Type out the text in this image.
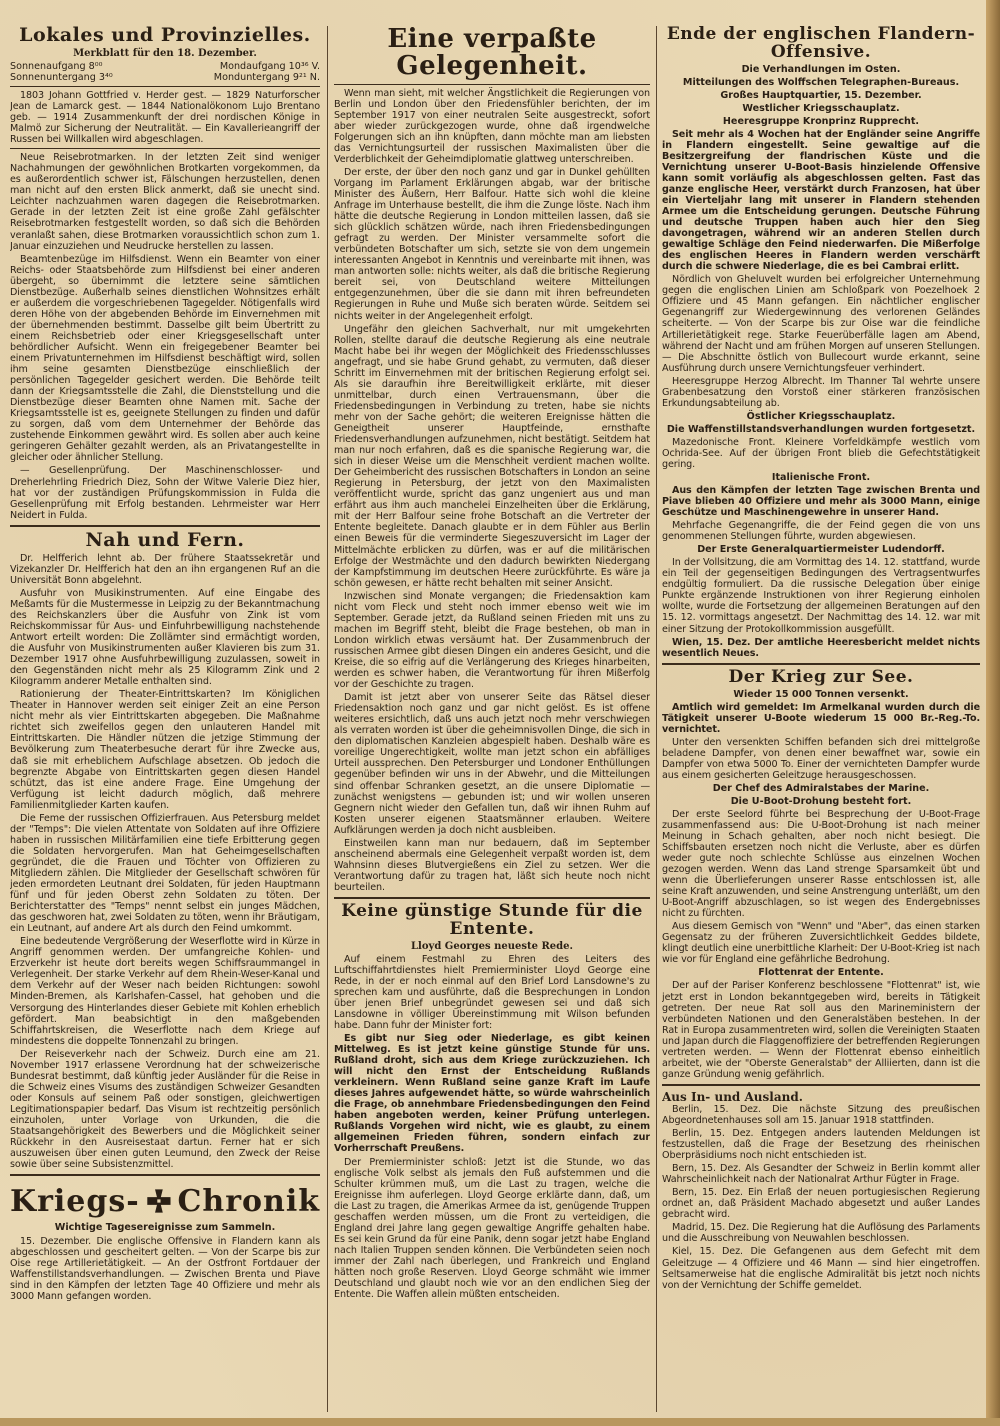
Lokales und Provinzielles.
Merkblatt für den 18. Dezember.
Sonnenaufgang 8⁰⁰	Mondaufgang 10³⁶ V.
Sonnenuntergang 3⁴⁰	Monduntergang 9²¹ N.

1803 Johann Gottfried v. Herder gest. — 1829 Naturforscher Jean de Lamarck gest. — 1844 Nationalökonom Lujo Brentano geb. — 1914 Zusammenkunft der drei nordischen Könige in Malmö zur Sicherung der Neutralität. — Ein Kavallerieangriff der Russen bei Willkallen wird abgeschlagen.

Neue Reisebrotmarken. In der letzten Zeit sind weniger Nachahmungen der gewöhnlichen Brotkarten vorgekommen, da es außerordentlich schwer ist, Fälschungen herzustellen, denen man nicht auf den ersten Blick anmerkt, daß sie unecht sind. Leichter nachzuahmen waren dagegen die Reisebrotmarken. Gerade in der letzten Zeit ist eine große Zahl gefälschter Reisebrotmarken festgestellt worden, so daß sich die Behörden veranlaßt sahen, diese Brotmarken voraussichtlich schon zum 1. Januar einzuziehen und Neudrucke herstellen zu lassen.

Beamtenbezüge im Hilfsdienst. Wenn ein Beamter von einer Reichs- oder Staatsbehörde zum Hilfsdienst bei einer anderen übergeht, so übernimmt die letztere seine sämtlichen Dienstbezüge. Außerhalb seines dienstlichen Wohnsitzes erhält er außerdem die vorgeschriebenen Tagegelder. Nötigenfalls wird deren Höhe von der abgebenden Behörde im Einvernehmen mit der übernehmenden bestimmt. Dasselbe gilt beim Übertritt zu einem Reichsbetrieb oder einer Kriegsgesellschaft unter behördlicher Aufsicht. Wenn ein freigegebener Beamter bei einem Privatunternehmen im Hilfsdienst beschäftigt wird, sollen ihm seine gesamten Dienstbezüge einschließlich der persönlichen Tagegelder gesichert werden. Die Behörde teilt dann der Kriegsamtsstelle die Zahl, die Dienststellung und die Dienstbezüge dieser Beamten ohne Namen mit. Sache der Kriegsamtsstelle ist es, geeignete Stellungen zu finden und dafür zu sorgen, daß vom dem Unternehmer der Behörde das zustehende Einkommen gewährt wird. Es sollen aber auch keine geringeren Gehälter gezahlt werden, als an Privatangestellte in gleicher oder ähnlicher Stellung.

— Gesellenprüfung. Der Maschinenschlosser- und Dreherlehrling Friedrich Diez, Sohn der Witwe Valerie Diez hier, hat vor der zuständigen Prüfungskommission in Fulda die Gesellenprüfung mit Erfolg bestanden. Lehrmeister war Herr Neidert in Fulda.

Nah und Fern.

Dr. Helfferich lehnt ab. Der frühere Staatssekretär und Vizekanzler Dr. Helfferich hat den an ihn ergangenen Ruf an die Universität Bonn abgelehnt.

Ausfuhr von Musikinstrumenten. Auf eine Eingabe des Meßamts für die Mustermesse in Leipzig zu der Bekanntmachung des Reichskanzlers über die Ausfuhr von Zink ist vom Reichskommissar für Aus- und Einfuhrbewilligung nachstehende Antwort erteilt worden: Die Zollämter sind ermächtigt worden, die Ausfuhr von Musikinstrumenten außer Klavieren bis zum 31. Dezember 1917 ohne Ausfuhrbewilligung zuzulassen, soweit in den Gegenständen nicht mehr als 25 Kilogramm Zink und 2 Kilogramm anderer Metalle enthalten sind.

Rationierung der Theater-Eintrittskarten? Im Königlichen Theater in Hannover werden seit einiger Zeit an eine Person nicht mehr als vier Eintrittskarten abgegeben. Die Maßnahme richtet sich zweifellos gegen den unlauteren Handel mit Eintrittskarten. Die Händler nützen die jetzige Stimmung der Bevölkerung zum Theaterbesuche derart für ihre Zwecke aus, daß sie mit erheblichem Aufschlage absetzen. Ob jedoch die begrenzte Abgabe von Eintrittskarten gegen diesen Handel schützt, das ist eine andere Frage. Eine Umgehung der Verfügung ist leicht dadurch möglich, daß mehrere Familienmitglieder Karten kaufen.

Die Feme der russischen Offizierfrauen. Aus Petersburg meldet der "Temps": Die vielen Attentate von Soldaten auf ihre Offiziere haben in russischen Militärfamilien eine tiefe Erbitterung gegen die Soldaten hervorgerufen. Man hat Geheimgesellschaften gegründet, die die Frauen und Töchter von Offizieren zu Mitgliedern zählen. Die Mitglieder der Gesellschaft schwören für jeden ermordeten Leutnant drei Soldaten, für jeden Hauptmann fünf und für jeden Oberst zehn Soldaten zu töten. Der Berichterstatter des "Temps" nennt selbst ein junges Mädchen, das geschworen hat, zwei Soldaten zu töten, wenn ihr Bräutigam, ein Leutnant, auf andere Art als durch den Feind umkommt.

Eine bedeutende Vergrößerung der Weserflotte wird in Kürze in Angriff genommen werden. Der umfangreiche Kohlen- und Erzverkehr ist heute dort bereits wegen Schiffsraummangel in Verlegenheit. Der starke Verkehr auf dem Rhein-Weser-Kanal und dem Verkehr auf der Weser nach beiden Richtungen: sowohl Minden-Bremen, als Karlshafen-Cassel, hat gehoben und die Versorgung des Hinterlandes dieser Gebiete mit Kohlen erheblich gefördert. Man beabsichtigt in den maßgebenden Schiffahrtskreisen, die Weserflotte nach dem Kriege auf mindestens die doppelte Tonnenzahl zu bringen.

Der Reiseverkehr nach der Schweiz. Durch eine am 21. November 1917 erlassene Verordnung hat der schweizerische Bundesrat bestimmt, daß künftig jeder Ausländer für die Reise in die Schweiz eines Visums des zuständigen Schweizer Gesandten oder Konsuls auf seinem Paß oder sonstigen, gleichwertigen Legitimationspapier bedarf. Das Visum ist rechtzeitig persönlich einzuholen, unter Vorlage von Urkunden, die die Staatsangehörigkeit des Bewerbers und die Möglichkeit seiner Rückkehr in den Ausreisestaat dartun. Ferner hat er sich auszuweisen über einen guten Leumund, den Zweck der Reise sowie über seine Subsistenzmittel.

Kriegs- Chronik
Wichtige Tagesereignisse zum Sammeln.

15. Dezember. Die englische Offensive in Flandern kann als abgeschlossen und gescheitert gelten. — Von der Scarpe bis zur Oise rege Artillerietätigkeit. — An der Ostfront Fortdauer der Waffenstillstandsverhandlungen. — Zwischen Brenta und Piave sind in den Kämpfen der letzten Tage 40 Offiziere und mehr als 3000 Mann gefangen worden.

Eine verpaßte Gelegenheit.

Wenn man sieht, mit welcher Ängstlichkeit die Regierungen von Berlin und London über den Friedensfühler berichten, der im September 1917 von einer neutralen Seite ausgestreckt, sofort aber wieder zurückgezogen wurde, ohne daß irgendwelche Folgerungen sich an ihn knüpften, dann möchte man am liebsten das Vernichtungsurteil der russischen Maximalisten über die Verderblichkeit der Geheimdiplomatie glattweg unterschreiben.

Der erste, der über den noch ganz und gar in Dunkel gehüllten Vorgang im Parlament Erklärungen abgab, war der britische Minister des Äußern, Herr Balfour. Hatte sich wohl die kleine Anfrage im Unterhause bestellt, die ihm die Zunge löste. Nach ihm hätte die deutsche Regierung in London mitteilen lassen, daß sie sich glücklich schätzen würde, nach ihren Friedensbedingungen gefragt zu werden. Der Minister versammelte sofort die verbündeten Botschafter um sich, setzte sie von dem ungemein interessanten Angebot in Kenntnis und vereinbarte mit ihnen, was man antworten solle: nichts weiter, als daß die britische Regierung bereit sei, von Deutschland weitere Mitteilungen entgegenzunehmen, über die sie dann mit ihren befreundeten Regierungen in Ruhe und Muße sich beraten würde. Seitdem sei nichts weiter in der Angelegenheit erfolgt.

Ungefähr den gleichen Sachverhalt, nur mit umgekehrten Rollen, stellte darauf die deutsche Regierung als eine neutrale Macht habe bei ihr wegen der Möglichkeit des Friedensschlusses angefragt, und sie habe Grund gehabt, zu vermuten, daß dieser Schritt im Einvernehmen mit der britischen Regierung erfolgt sei. Als sie daraufhin ihre Bereitwilligkeit erklärte, mit dieser unmittelbar, durch einen Vertrauensmann, über die Friedensbedingungen in Verbindung zu treten, habe sie nichts mehr von der Sache gehört; die weiteren Ereignisse hätten die Geneigtheit unserer Hauptfeinde, ernsthafte Friedensverhandlungen aufzunehmen, nicht bestätigt. Seitdem hat man nur noch erfahren, daß es die spanische Regierung war, die sich in dieser Weise um die Menschheit verdient machen wollte. Der Geheimbericht des russischen Botschafters in London an seine Regierung in Petersburg, der jetzt von den Maximalisten veröffentlicht wurde, spricht das ganz ungeniert aus und man erfährt aus ihm auch manchelei Einzelheiten über die Erklärung, mit der Herr Balfour seine frohe Botschaft an die Vertreter der Entente begleitete. Danach glaubte er in dem Fühler aus Berlin einen Beweis für die verminderte Siegeszuversicht im Lager der Mittelmächte erblicken zu dürfen, was er auf die militärischen Erfolge der Westmächte und den dadurch bewirkten Niedergang der Kampfstimmung im deutschen Heere zurückführte. Es wäre ja schön gewesen, er hätte recht behalten mit seiner Ansicht.

Inzwischen sind Monate vergangen; die Friedensaktion kam nicht vom Fleck und steht noch immer ebenso weit wie im September. Gerade jetzt, da Rußland seinen Frieden mit uns zu machen im Begriff steht, bleibt die Frage bestehen, ob man in London wirklich etwas versäumt hat. Der Zusammenbruch der russischen Armee gibt diesen Dingen ein anderes Gesicht, und die Kreise, die so eifrig auf die Verlängerung des Krieges hinarbeiten, werden es schwer haben, die Verantwortung für ihren Mißerfolg vor der Geschichte zu tragen.

Damit ist jetzt aber von unserer Seite das Rätsel dieser Friedensaktion noch ganz und gar nicht gelöst. Es ist offene weiteres ersichtlich, daß uns auch jetzt noch mehr verschwiegen als verraten worden ist über die geheimnisvollen Dinge, die sich in den diplomatischen Kanzleien abgespielt haben. Deshalb wäre es voreilige Ungerechtigkeit, wollte man jetzt schon ein abfälliges Urteil aussprechen. Den Petersburger und Londoner Enthüllungen gegenüber befinden wir uns in der Abwehr, und die Mitteilungen sind offenbar Schranken gesetzt, an die unsere Diplomatie — zunächst wenigstens — gebunden ist; und wir wollen unseren Gegnern nicht wieder den Gefallen tun, daß wir ihnen Ruhm auf Kosten unserer eigenen Staatsmänner erlauben. Weitere Aufklärungen werden ja doch nicht ausbleiben.

Einstweilen kann man nur bedauern, daß im September anscheinend abermals eine Gelegenheit verpaßt worden ist, dem Wahnsinn dieses Blutvergießens ein Ziel zu setzen. Wer die Verantwortung dafür zu tragen hat, läßt sich heute noch nicht beurteilen.

Keine günstige Stunde für die Entente.
Lloyd Georges neueste Rede.

Auf einem Festmahl zu Ehren des Leiters des Luftschiffahrtdienstes hielt Premierminister Lloyd George eine Rede, in der er noch einmal auf den Brief Lord Lansdowne's zu sprechen kam und ausführte, daß die Besprechungen in London über jenen Brief unbegründet gewesen sei und daß sich Lansdowne in völliger Übereinstimmung mit Wilson befunden habe. Dann fuhr der Minister fort:

Es gibt nur Sieg oder Niederlage, es gibt keinen Mittelweg. Es ist jetzt keine günstige Stunde für uns. Rußland droht, sich aus dem Kriege zurückzuziehen. Ich will nicht den Ernst der Entscheidung Rußlands verkleinern. Wenn Rußland seine ganze Kraft im Laufe dieses Jahres aufgewendet hätte, so würde wahrscheinlich die Frage, ob annehmbare Friedensbedingungen den Feind haben angeboten werden, keiner Prüfung unterlegen. Rußlands Vorgehen wird nicht, wie es glaubt, zu einem allgemeinen Frieden führen, sondern einfach zur Vorherrschaft Preußens.

Der Premierminister schloß: Jetzt ist die Stunde, wo das englische Volk selbst als jemals den Fuß aufstemmen und die Schulter krümmen muß, um die Last zu tragen, welche die Ereignisse ihm auferlegen. Lloyd George erklärte dann, daß, um die Last zu tragen, die Amerikas Armee da ist, genügende Truppen geschaffen werden müssen, um die Front zu verteidigen, die England drei Jahre lang gegen gewaltige Angriffe gehalten habe. Es sei kein Grund da für eine Panik, denn sogar jetzt habe England nach Italien Truppen senden können. Die Verbündeten seien noch immer der Zahl nach überlegen, und Frankreich und England hätten noch große Reserven. Lloyd George schmäht wie immer Deutschland und glaubt noch wie vor an den endlichen Sieg der Entente. Die Waffen allein müßten entscheiden.

Ende der englischen Flandern-Offensive.
Die Verhandlungen im Osten.
Mitteilungen des Wolffschen Telegraphen-Bureaus.
Großes Hauptquartier, 15. Dezember.
Westlicher Kriegsschauplatz.
Heeresgruppe Kronprinz Rupprecht.

Seit mehr als 4 Wochen hat der Engländer seine Angriffe in Flandern eingestellt. Seine gewaltige auf die Besitzergreifung der flandrischen Küste und die Vernichtung unserer U-Boot-Basis hinzielende Offensive kann somit vorläufig als abgeschlossen gelten. Fast das ganze englische Heer, verstärkt durch Franzosen, hat über ein Vierteljahr lang mit unserer in Flandern stehenden Armee um die Entscheidung gerungen. Deutsche Führung und deutsche Truppen haben auch hier den Sieg davongetragen, während wir an anderen Stellen durch gewaltige Schläge den Feind niederwarfen. Die Mißerfolge des englischen Heeres in Flandern werden verschärft durch die schwere Niederlage, die es bei Cambrai erlitt.

Nördlich von Gheluvelt wurden bei erfolgreicher Unternehmung gegen die englischen Linien am Schloßpark von Poezelhoek 2 Offiziere und 45 Mann gefangen. Ein nächtlicher englischer Gegenangriff zur Wiedergewinnung des verlorenen Geländes scheiterte. — Von der Scarpe bis zur Oise war die feindliche Artillerietätigkeit rege. Starke Feuerüberfälle lagen am Abend, während der Nacht und am frühen Morgen auf unseren Stellungen. — Die Abschnitte östlich von Bullecourt wurde erkannt, seine Ausführung durch unsere Vernichtungsfeuer verhindert.

Heeresgruppe Herzog Albrecht. Im Thanner Tal wehrte unsere Grabenbesatzung den Vorstoß einer stärkeren französischen Erkundungsabteilung ab.

Östlicher Kriegsschauplatz.
Die Waffenstillstandsverhandlungen wurden fortgesetzt.

Mazedonische Front. Kleinere Vorfeldkämpfe westlich vom Ochrida-See. Auf der übrigen Front blieb die Gefechtstätigkeit gering.

Italienische Front.

Aus den Kämpfen der letzten Tage zwischen Brenta und Piave blieben 40 Offiziere und mehr als 3000 Mann, einige Geschütze und Maschinengewehre in unserer Hand.

Mehrfache Gegenangriffe, die der Feind gegen die von uns genommenen Stellungen führte, wurden abgewiesen.

Der Erste Generalquartiermeister Ludendorff.

In der Vollsitzung, die am Vormittag des 14. 12. stattfand, wurde ein Teil der gegenseitigen Bedingungen des Vertragsentwurfes endgültig formuliert. Da die russische Delegation über einige Punkte ergänzende Instruktionen von ihrer Regierung einholen wollte, wurde die Fortsetzung der allgemeinen Beratungen auf den 15. 12. vormittags angesetzt. Der Nachmittag des 14. 12. war mit einer Sitzung der Protokollkommission ausgefüllt.

Wien, 15. Dez. Der amtliche Heeresbericht meldet nichts wesentlich Neues.

Der Krieg zur See.
Wieder 15 000 Tonnen versenkt.

Amtlich wird gemeldet: Im Armelkanal wurden durch die Tätigkeit unserer U-Boote wiederum 15 000 Br.-Reg.-To. vernichtet.

Unter den versenkten Schiffen befanden sich drei mittelgroße beladene Dampfer, von denen einer bewaffnet war, sowie ein Dampfer von etwa 5000 To. Einer der vernichteten Dampfer wurde aus einem gesicherten Geleitzuge herausgeschossen.

Der Chef des Admiralstabes der Marine.
Die U-Boot-Drohung besteht fort.

Der erste Seelord führte bei Besprechung der U-Boot-Frage zusammenfassend aus: Die U-Boot-Drohung ist nach meiner Meinung in Schach gehalten, aber noch nicht besiegt. Die Schiffsbauten ersetzen noch nicht die Verluste, aber es dürfen weder gute noch schlechte Schlüsse aus einzelnen Wochen gezogen werden. Wenn das Land strenge Sparsamkeit übt und wenn die Überlieferungen unserer Rasse entschlossen ist, alle seine Kraft anzuwenden, und seine Anstrengung unterläßt, um den U-Boot-Angriff abzuschlagen, so ist wegen des Endergebnisses nicht zu fürchten.

Aus diesem Gemisch von "Wenn" und "Aber", das einen starken Gegensatz zu der früheren Zuversichtlichkeit Geddes bildete, klingt deutlich eine unerbittliche Klarheit: Der U-Boot-Krieg ist nach wie vor für England eine gefährliche Bedrohung.

Flottenrat der Entente.

Der auf der Pariser Konferenz beschlossene "Flottenrat" ist, wie jetzt erst in London bekanntgegeben wird, bereits in Tätigkeit getreten. Der neue Rat soll aus den Marineministern der verbündeten Nationen und den Generalstäben bestehen. In der Rat in Europa zusammentreten wird, sollen die Vereinigten Staaten und Japan durch die Flaggenoffiziere der betreffenden Regierungen vertreten werden. — Wenn der Flottenrat ebenso einheitlich arbeitet, wie der "Oberste Generalstab" der Alliierten, dann ist die ganze Gründung wenig gefährlich.

Aus In- und Ausland.

Berlin, 15. Dez. Die nächste Sitzung des preußischen Abgeordnetenhauses soll am 15. Januar 1918 stattfinden.

Berlin, 15. Dez. Entgegen anders lautenden Meldungen ist festzustellen, daß die Frage der Besetzung des rheinischen Oberpräsidiums noch nicht entschieden ist.

Bern, 15. Dez. Als Gesandter der Schweiz in Berlin kommt aller Wahrscheinlichkeit nach der Nationalrat Arthur Fügter in Frage.

Bern, 15. Dez. Ein Erlaß der neuen portugiesischen Regierung ordnet an, daß Präsident Machado abgesetzt und außer Landes gebracht wird.

Madrid, 15. Dez. Die Regierung hat die Auflösung des Parlaments und die Ausschreibung von Neuwahlen beschlossen.

Kiel, 15. Dez. Die Gefangenen aus dem Gefecht mit dem Geleitzuge — 4 Offiziere und 46 Mann — sind hier eingetroffen. Seltsamerweise hat die englische Admiralität bis jetzt noch nichts von der Vernichtung der Schiffe gemeldet.
